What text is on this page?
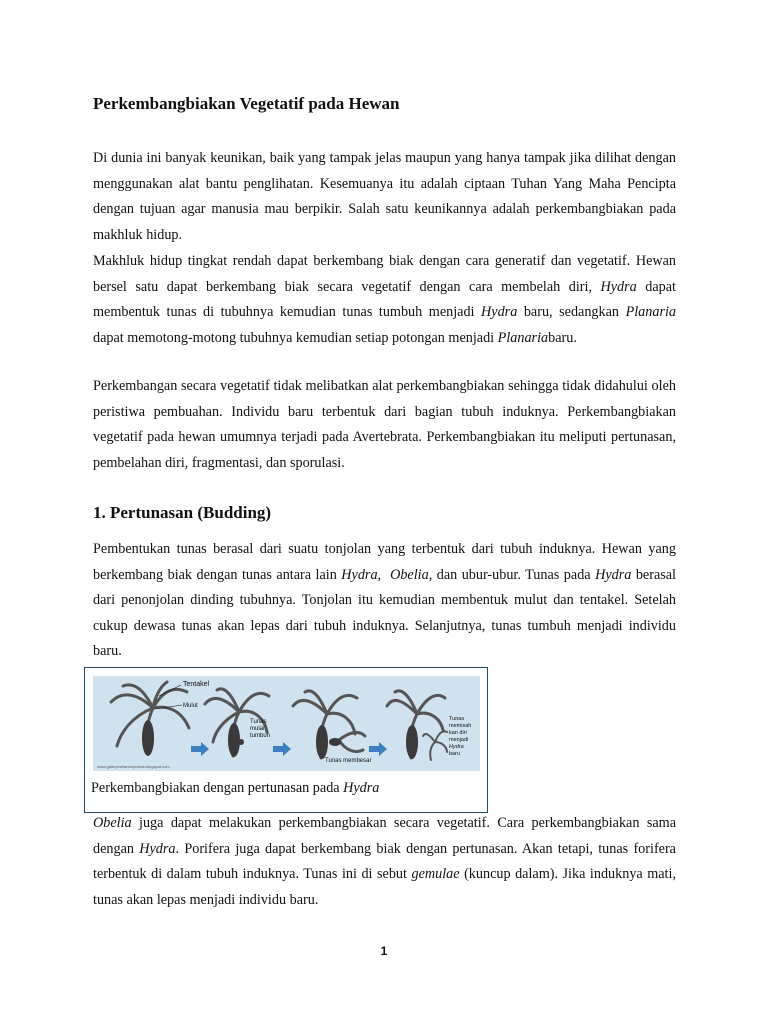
Perkembangbiakan Vegetatif pada Hewan

Di dunia ini banyak keunikan, baik yang tampak jelas maupun yang hanya tampak jika dilihat dengan menggunakan alat bantu penglihatan. Kesemuanya itu adalah ciptaan Tuhan Yang Maha Pencipta dengan tujuan agar manusia mau berpikir. Salah satu keunikannya adalah perkembangbiakan pada makhluk hidup.

Makhluk hidup tingkat rendah dapat berkembang biak dengan cara generatif dan vegetatif. Hewan bersel satu dapat berkembang biak secara vegetatif dengan cara membelah diri, Hydra dapat membentuk tunas di tubuhnya kemudian tunas tumbuh menjadi Hydra baru, sedangkan Planaria dapat memotong-motong tubuhnya kemudian setiap potongan menjadi Planariabaru.

Perkembangan secara vegetatif tidak melibatkan alat perkembangbiakan sehingga tidak didahului oleh peristiwa pembuahan. Individu baru terbentuk dari bagian tubuh induknya. Perkembangbiakan vegetatif pada hewan umumnya terjadi pada Avertebrata. Perkembangbiakan itu meliputi pertunasan, pembelahan diri, fragmentasi, dan sporulasi.

1. Pertunasan (Budding)

Pembentukan tunas berasal dari suatu tonjolan yang terbentuk dari tubuh induknya. Hewan yang berkembang biak dengan tunas antara lain Hydra, Obelia, dan ubur-ubur. Tunas pada Hydra berasal dari penonjolan dinding tubuhnya. Tonjolan itu kemudian membentuk mulut dan tentakel. Setelah cukup dewasa tunas akan lepas dari tubuh induknya. Selanjutnya, tunas tumbuh menjadi individu baru.

Obelia juga dapat melakukan perkembangbiakan secara vegetatif. Cara perkembangbiakan sama dengan Hydra. Porifera juga dapat berkembang biak dengan pertunasan. Akan tetapi, tunas forifera terbentuk di dalam tubuh induknya. Tunas ini di sebut gemulae (kuncup dalam). Jika induknya mati, tunas akan lepas menjadi individu baru.

Tentakel
Mulut
Tunas
mulai
tumbuh
Tunas membesar
Tunas
memisah
kan diri
menjadi
Hydra
baru
www.galerymetamorphosis.blogspot.com
Perkembangbiakan dengan pertunasan pada Hydra
1
